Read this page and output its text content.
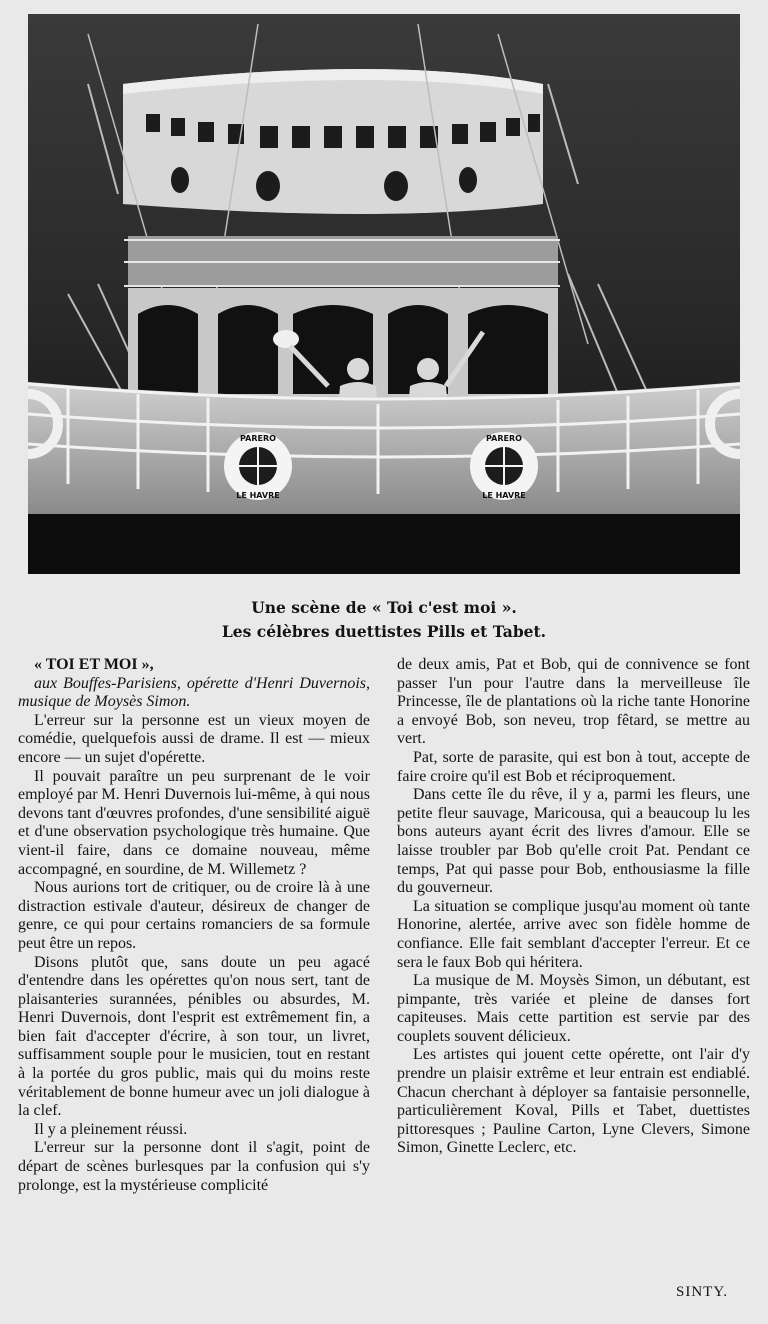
PARERO
LE HAVRE
PARERO
LE HAVRE
Une scène de « Toi c'est moi ».
Les célèbres duettistes Pills et Tabet.

« TOI ET MOI »,

aux Bouffes-Parisiens, opérette d'Henri Duvernois, musique de Moysès Simon.

L'erreur sur la personne est un vieux moyen de comédie, quelquefois aussi de drame. Il est — mieux encore — un sujet d'opérette.

Il pouvait paraître un peu surprenant de le voir employé par M. Henri Duvernois lui-même, à qui nous devons tant d'œuvres profondes, d'une sensibilité aiguë et d'une observation psychologique très humaine. Que vient-il faire, dans ce domaine nouveau, même accompagné, en sourdine, de M. Willemetz ?

Nous aurions tort de critiquer, ou de croire là à une distraction estivale d'auteur, désireux de changer de genre, ce qui pour certains romanciers de sa formule peut être un repos.

Disons plutôt que, sans doute un peu agacé d'entendre dans les opérettes qu'on nous sert, tant de plaisanteries surannées, pénibles ou absurdes, M. Henri Duvernois, dont l'esprit est extrêmement fin, a bien fait d'accepter d'écrire, à son tour, un livret, suffisamment souple pour le musicien, tout en restant à la portée du gros public, mais qui du moins reste véritablement de bonne humeur avec un joli dialogue à la clef.

Il y a pleinement réussi.

L'erreur sur la personne dont il s'agit, point de départ de scènes burlesques par la confusion qui s'y prolonge, est la mystérieuse complicité

de deux amis, Pat et Bob, qui de connivence se font passer l'un pour l'autre dans la merveilleuse île Princesse, île de plantations où la riche tante Honorine a envoyé Bob, son neveu, trop fêtard, se mettre au vert.

Pat, sorte de parasite, qui est bon à tout, accepte de faire croire qu'il est Bob et réciproquement.

Dans cette île du rêve, il y a, parmi les fleurs, une petite fleur sauvage, Maricousa, qui a beaucoup lu les bons auteurs ayant écrit des livres d'amour. Elle se laisse troubler par Bob qu'elle croit Pat. Pendant ce temps, Pat qui passe pour Bob, enthousiasme la fille du gouverneur.

La situation se complique jusqu'au moment où tante Honorine, alertée, arrive avec son fidèle homme de confiance. Elle fait semblant d'accepter l'erreur. Et ce sera le faux Bob qui héritera.

La musique de M. Moysès Simon, un débutant, est pimpante, très variée et pleine de danses fort capiteuses. Mais cette partition est servie par des couplets souvent délicieux.

Les artistes qui jouent cette opérette, ont l'air d'y prendre un plaisir extrême et leur entrain est endiablé. Chacun cherchant à déployer sa fantaisie personnelle, particulièrement Koval, Pills et Tabet, duettistes pittoresques ; Pauline Carton, Lyne Clevers, Simone Simon, Ginette Leclerc, etc.

SINTY.
